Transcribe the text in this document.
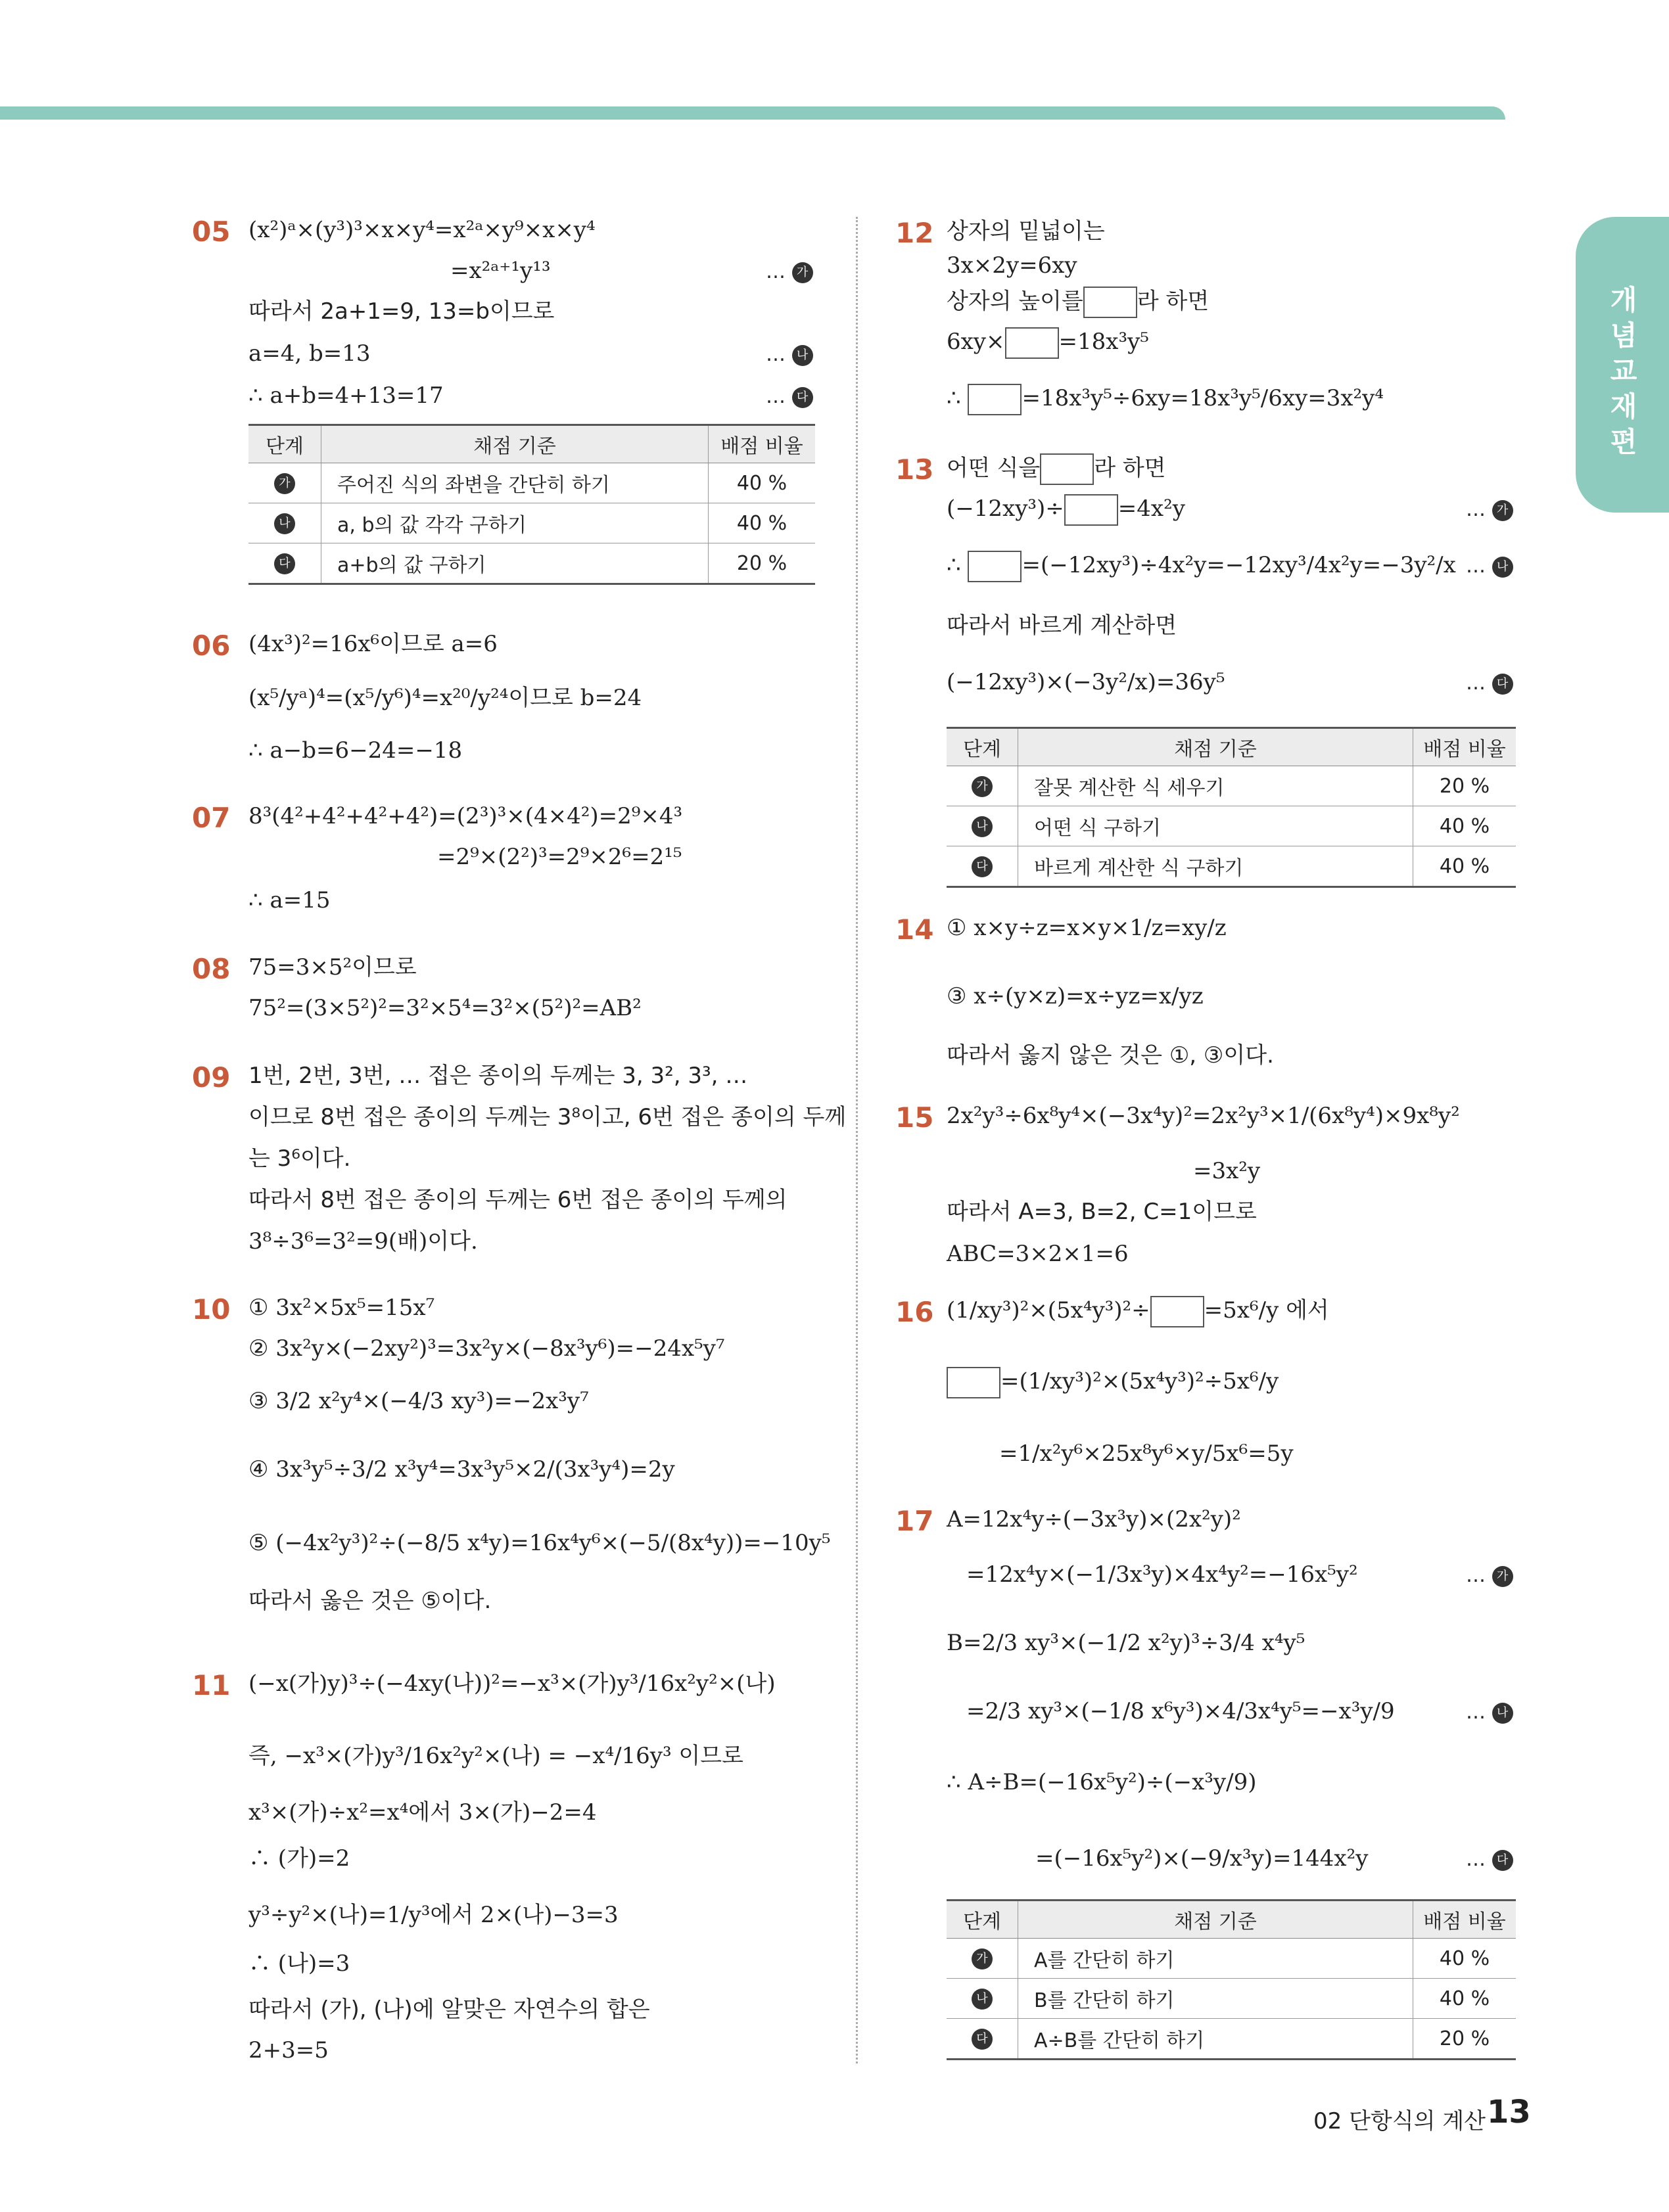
개념교재편
05 (x²)ᵃ×(y³)³×x×y⁴=x²ᵃ×y⁹×x×y⁴
=x²ᵃ⁺¹y¹³	… 가
따라서 2a+1=9, 13=b이므로
a=4, b=13	… 나
∴ a+b=4+13=17	… 다
단계	채점 기준	배점 비율
가	주어진 식의 좌변을 간단히 하기	40 %
나	a, b의 값 각각 구하기	40 %
다	a+b의 값 구하기	20 %
06 (4x³)²=16x⁶이므로 a=6
(x⁵/yᵃ)⁴=(x⁵/y⁶)⁴=x²⁰/y²⁴이므로 b=24
∴ a−b=6−24=−18
07 8³(4²+4²+4²+4²)=(2³)³×(4×4²)=2⁹×4³
=2⁹×(2²)³=2⁹×2⁶=2¹⁵
∴ a=15
08 75=3×5²이므로
75²=(3×5²)²=3²×5⁴=3²×(5²)²=AB²
09 1번, 2번, 3번, … 접은 종이의 두께는 3, 3², 3³, …
이므로 8번 접은 종이의 두께는 3⁸이고, 6번 접은 종이의 두께
는 3⁶이다.
따라서 8번 접은 종이의 두께는 6번 접은 종이의 두께의
3⁸÷3⁶=3²=9(배)이다.
10 ① 3x²×5x⁵=15x⁷
② 3x²y×(−2xy²)³=3x²y×(−8x³y⁶)=−24x⁵y⁷
③ 3/2 x²y⁴×(−4/3 xy³)=−2x³y⁷
④ 3x³y⁵÷3/2 x³y⁴=3x³y⁵×2/(3x³y⁴)=2y
⑤ (−4x²y³)²÷(−8/5 x⁴y)=16x⁴y⁶×(−5/(8x⁴y))=−10y⁵
따라서 옳은 것은 ⑤이다.
11 (−x(가)y)³÷(−4xy(나))²=−x³×(가)y³/16x²y²×(나)
즉, −x³×(가)y³/16x²y²×(나) = −x⁴/16y³ 이므로
x³×(가)÷x²=x⁴에서 3×(가)−2=4
∴ (가)=2
y³÷y²×(나)=1/y³에서 2×(나)−3=3
∴ (나)=3
따라서 (가), (나)에 알맞은 자연수의 합은
2+3=5
12 상자의 밑넓이는
3x×2y=6xy
상자의 높이를 라 하면
6xy× =18x³y⁵
∴	=18x³y⁵÷6xy=18x³y⁵/6xy=3x²y⁴
13 어떤 식을 라 하면
(−12xy³)÷ =4x²y	… 가
∴	=(−12xy³)÷4x²y=−12xy³/4x²y=−3y²/x … 나
따라서 바르게 계산하면
(−12xy³)×(−3y²/x)=36y⁵	… 다
단계	채점 기준	배점 비율
가	잘못 계산한 식 세우기	20 %
나	어떤 식 구하기	40 %
다	바르게 계산한 식 구하기	40 %
14 ① x×y÷z=x×y×1/z=xy/z
③ x÷(y×z)=x÷yz=x/yz
따라서 옳지 않은 것은 ①, ③이다.
15 2x²y³÷6x⁸y⁴×(−3x⁴y)²=2x²y³×1/(6x⁸y⁴)×9x⁸y²
=3x²y
따라서 A=3, B=2, C=1이므로
ABC=3×2×1=6
16 (1/xy³)²×(5x⁴y³)²÷ =5x⁶/y 에서
=(1/xy³)²×(5x⁴y³)²÷5x⁶/y
=1/x²y⁶×25x⁸y⁶×y/5x⁶=5y
17 A=12x⁴y÷(−3x³y)×(2x²y)²
=12x⁴y×(−1/3x³y)×4x⁴y²=−16x⁵y²	… 가
B=2/3 xy³×(−1/2 x²y)³÷3/4 x⁴y⁵
=2/3 xy³×(−1/8 x⁶y³)×4/3x⁴y⁵=−x³y/9	… 나
∴ A÷B=(−16x⁵y²)÷(−x³y/9)
=(−16x⁵y²)×(−9/x³y)=144x²y	… 다
단계	채점 기준	배점 비율
가	A를 간단히 하기	40 %
나	B를 간단히 하기	40 %
다	A÷B를 간단히 하기	20 %
02 단항식의 계산 13
